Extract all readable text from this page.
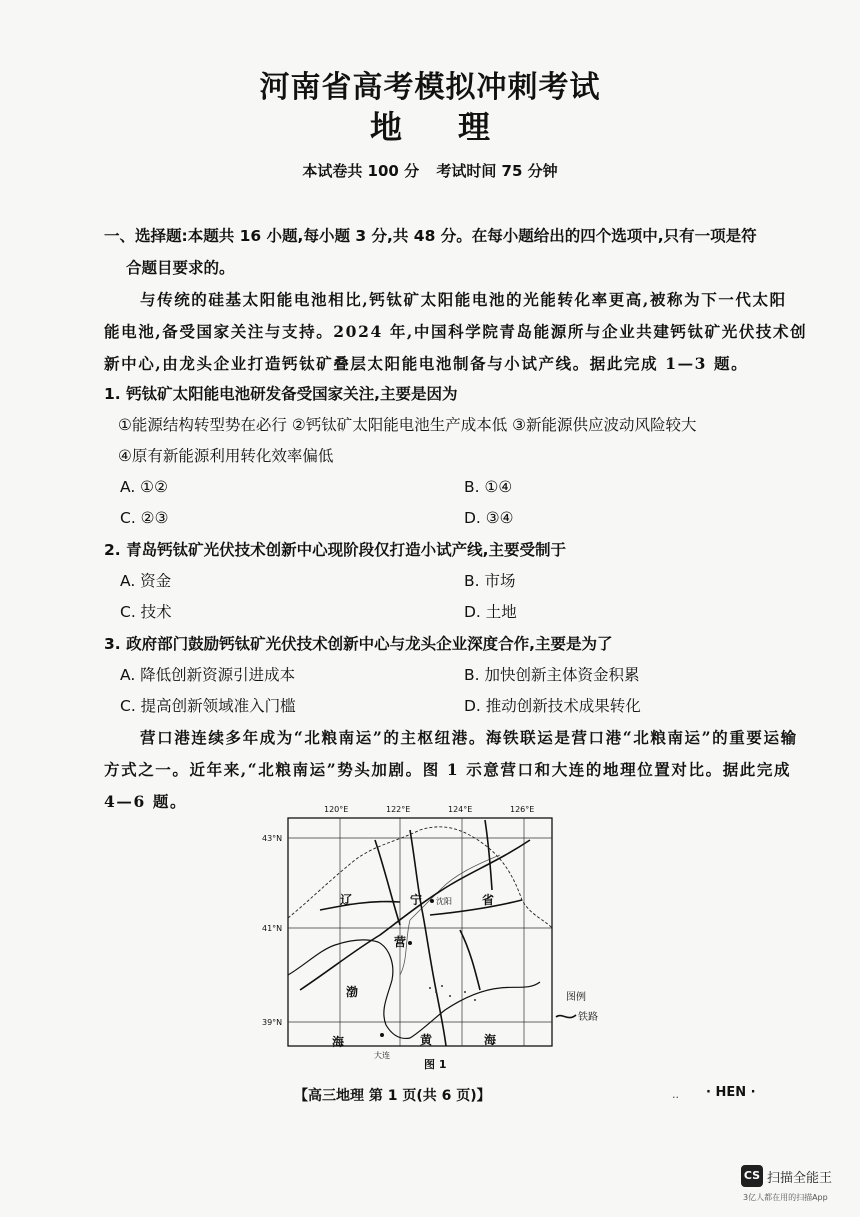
河南省高考模拟冲刺考试
地 理
本试卷共 100 分 考试时间 75 分钟
一、选择题:本题共 16 小题,每小题 3 分,共 48 分。在每小题给出的四个选项中,只有一项是符
合题目要求的。
与传统的硅基太阳能电池相比,钙钛矿太阳能电池的光能转化率更高,被称为下一代太阳
能电池,备受国家关注与支持。2024 年,中国科学院青岛能源所与企业共建钙钛矿光伏技术创
新中心,由龙头企业打造钙钛矿叠层太阳能电池制备与小试产线。据此完成 1—3 题。
1. 钙钛矿太阳能电池研发备受国家关注,主要是因为
①能源结构转型势在必行 ②钙钛矿太阳能电池生产成本低 ③新能源供应波动风险较大
④原有新能源利用转化效率偏低
A. ①②	B. ①④
C. ②③	D. ③④
2. 青岛钙钛矿光伏技术创新中心现阶段仅打造小试产线,主要受制于
A. 资金	B. 市场
C. 技术	D. 土地
3. 政府部门鼓励钙钛矿光伏技术创新中心与龙头企业深度合作,主要是为了
A. 降低创新资源引进成本	B. 加快创新主体资金积累
C. 提高创新领域准入门槛	D. 推动创新技术成果转化
营口港连续多年成为“北粮南运”的主枢纽港。海铁联运是营口港“北粮南运”的重要运输
方式之一。近年来,“北粮南运”势头加剧。图 1 示意营口和大连的地理位置对比。据此完成
4—6 题。	120°E	122°E	124°E	126°E
43°N
41°N
39°N
辽	宁 沈阳	省
营
渤
海	黄	海
大连
图例
铁路
图 1
【高三地理 第 1 页(共 6 页)】	.. · HEN ·
CS 扫描全能王
3亿人都在用的扫描App
